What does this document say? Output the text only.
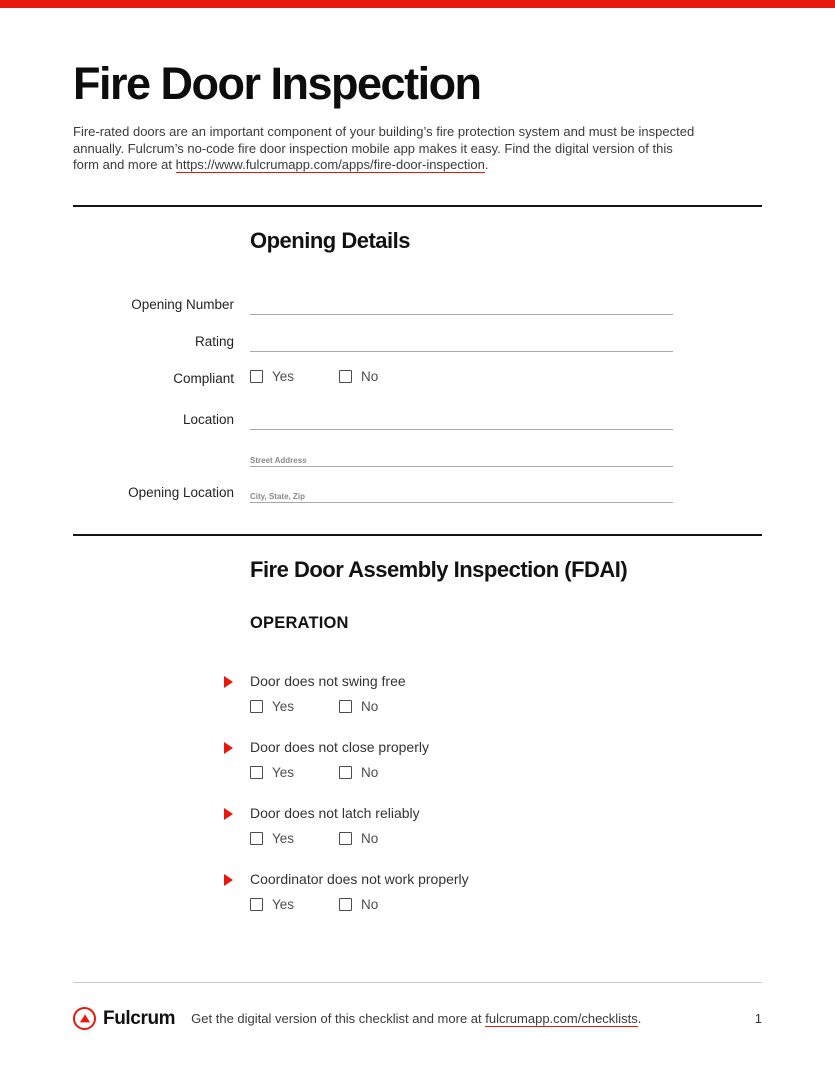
Fire Door Inspection

Fire-rated doors are an important component of your building’s fire protection system and must be inspected annually. Fulcrum’s no-code fire door inspection mobile app makes it easy. Find the digital version of this form and more at https://www.fulcrumapp.com/apps/fire-door-inspection.

Opening Details
Opening Number
Rating
Compliant	Yes	No
Location
Opening Location
Street Address
City, State, Zip
Fire Door Assembly Inspection (FDAI)
OPERATION
Door does not swing free
Yes	No
Door does not close properly
Yes	No
Door does not latch reliably
Yes	No
Coordinator does not work properly
Yes	No
Fulcrum Get the digital version of this checklist and more at fulcrumapp.com/checklists.	1
